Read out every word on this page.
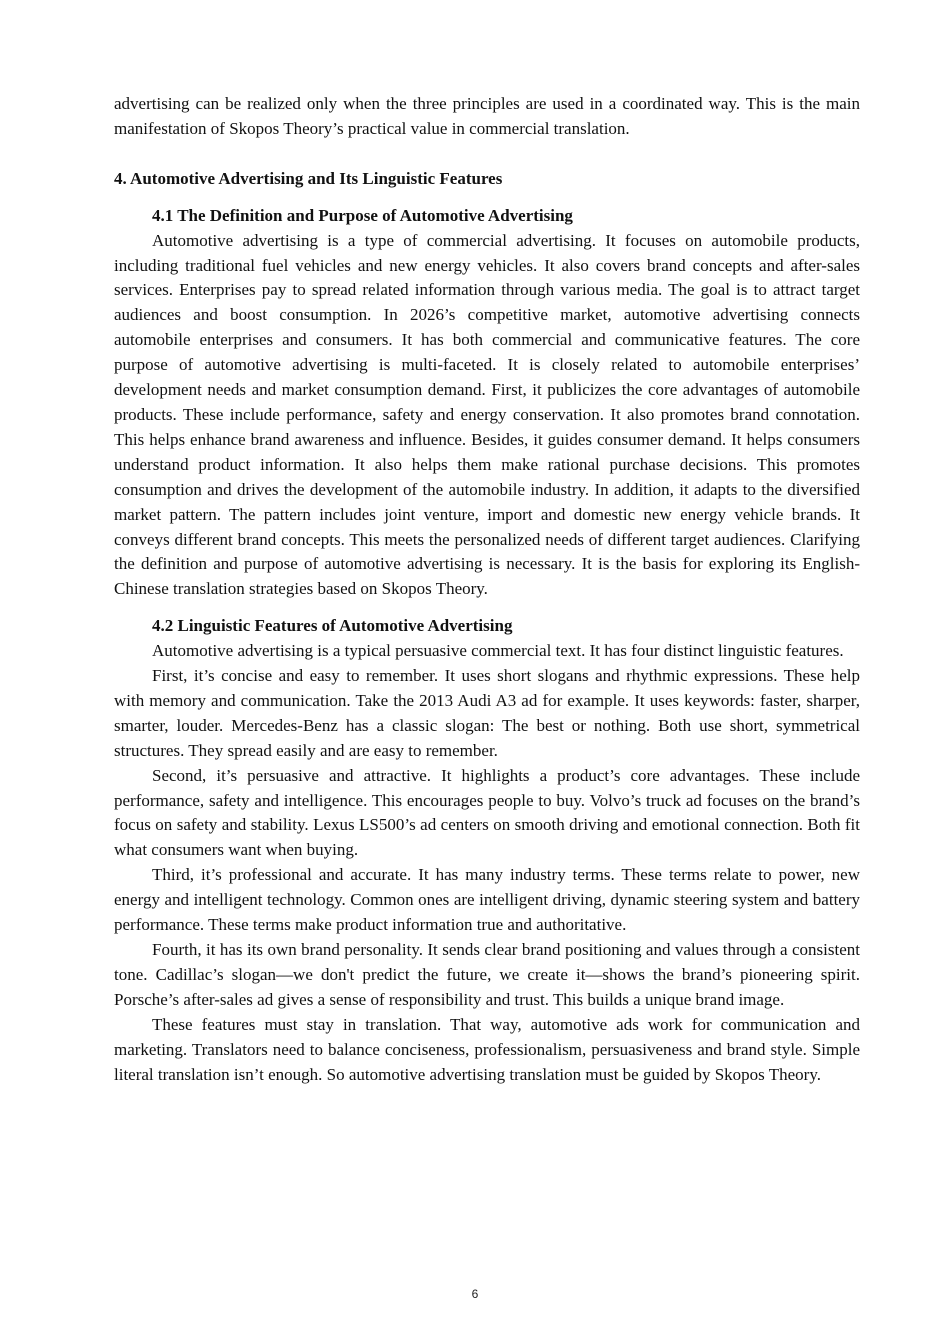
advertising can be realized only when the three principles are used in a coordinated way. This is the main manifestation of Skopos Theory’s practical value in commercial translation.

4. Automotive Advertising and Its Linguistic Features

4.1 The Definition and Purpose of Automotive Advertising

Automotive advertising is a type of commercial advertising. It focuses on automobile products, including traditional fuel vehicles and new energy vehicles. It also covers brand concepts and after-sales services. Enterprises pay to spread related information through various media. The goal is to attract target audiences and boost consumption. In 2026’s competitive market, automotive advertising connects automobile enterprises and consumers. It has both commercial and communicative features. The core purpose of automotive advertising is multi-faceted. It is closely related to automobile enterprises’ development needs and market consumption demand. First, it publicizes the core advantages of automobile products. These include performance, safety and energy conservation. It also promotes brand connotation. This helps enhance brand awareness and influence. Besides, it guides consumer demand. It helps consumers understand product information. It also helps them make rational purchase decisions. This promotes consumption and drives the development of the automobile industry. In addition, it adapts to the diversified market pattern. The pattern includes joint venture, import and domestic new energy vehicle brands. It conveys different brand concepts. This meets the personalized needs of different target audiences. Clarifying the definition and purpose of automotive advertising is necessary. It is the basis for exploring its English-Chinese translation strategies based on Skopos Theory.

4.2 Linguistic Features of Automotive Advertising

Automotive advertising is a typical persuasive commercial text. It has four distinct linguistic features.

First, it’s concise and easy to remember. It uses short slogans and rhythmic expressions. These help with memory and communication. Take the 2013 Audi A3 ad for example. It uses keywords: faster, sharper, smarter, louder. Mercedes-Benz has a classic slogan: The best or nothing. Both use short, symmetrical structures. They spread easily and are easy to remember.

Second, it’s persuasive and attractive. It highlights a product’s core advantages. These include performance, safety and intelligence. This encourages people to buy. Volvo’s truck ad focuses on the brand’s focus on safety and stability. Lexus LS500’s ad centers on smooth driving and emotional connection. Both fit what consumers want when buying.

Third, it’s professional and accurate. It has many industry terms. These terms relate to power, new energy and intelligent technology. Common ones are intelligent driving, dynamic steering system and battery performance. These terms make product information true and authoritative.

Fourth, it has its own brand personality. It sends clear brand positioning and values through a consistent tone. Cadillac’s slogan—we don't predict the future, we create it—shows the brand’s pioneering spirit. Porsche’s after-sales ad gives a sense of responsibility and trust. This builds a unique brand image.

These features must stay in translation. That way, automotive ads work for communication and marketing. Translators need to balance conciseness, professionalism, persuasiveness and brand style. Simple literal translation isn’t enough. So automotive advertising translation must be guided by Skopos Theory.

6
